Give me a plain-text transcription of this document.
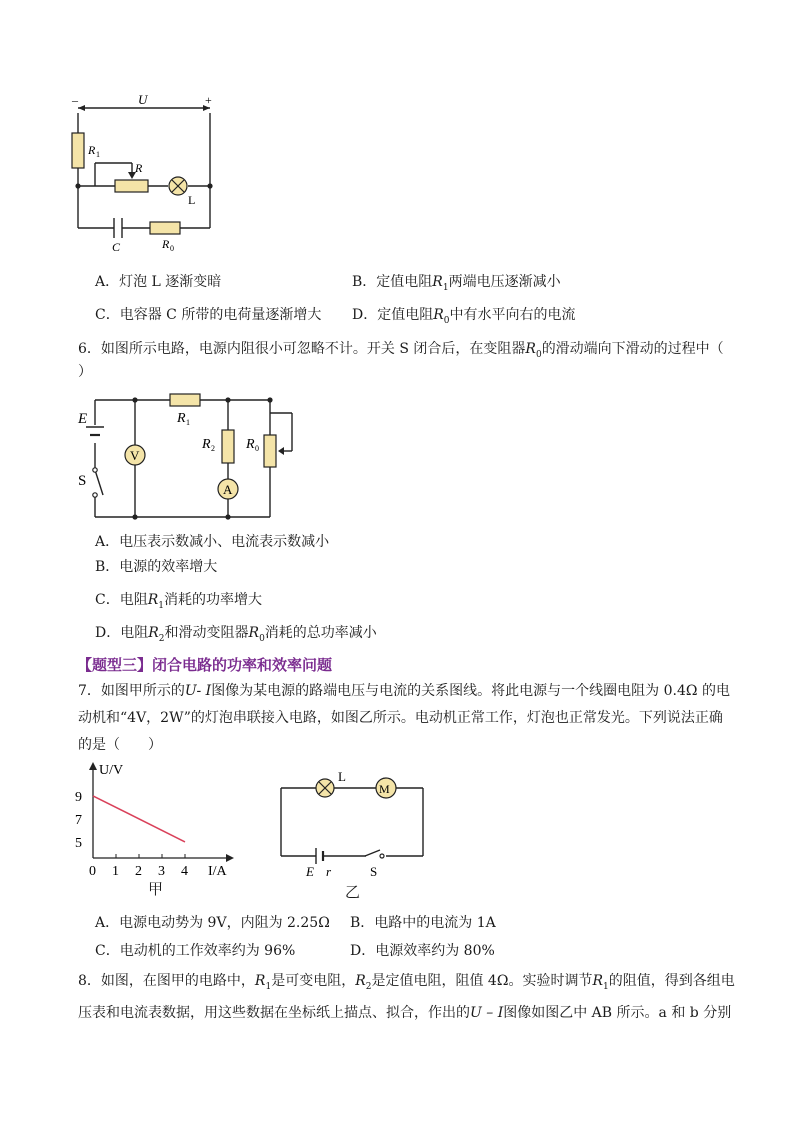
–	+
U
R 1
R
L
C	R 0
A．灯泡 L 逐渐变暗	B．定值电阻$R_1$两端电压逐渐减小
C．电容器 C 所带的电荷量逐渐增大 D．定值电阻$R_0$中有水平向右的电流
6．如图所示电路，电源内阻很小可忽略不计。开关 S 闭合后，在变阻器$R_0$的滑动端向下滑动的过程中（
）
V
A
E
S
R 1
R 2 R 0
A．电压表示数减小、电流表示数减小
B．电源的效率增大
C．电阻$R_1$消耗的功率增大
D．电阻$R_2$和滑动变阻器$R_0$消耗的总功率减小
【题型三】闭合电路的功率和效率问题
7．如图甲所示的U- I图像为某电源的路端电压与电流的关系图线。将此电源与一个线圈电阻为 0.4Ω 的电
动机和“4V，2W”的灯泡串联接入电路，如图乙所示。电动机正常工作，灯泡也正常发光。下列说法正确
的是（　　）
U/V
I/A
0 1 2 3 4
5
7
9
甲
M
L
E r	S
乙
A．电源电动势为 9V，内阻为 2.25Ω B．电路中的电流为 1A
C．电动机的工作效率约为 96%	D．电源效率约为 80%
8．如图，在图甲的电路中，$R_1$是可变电阻，$R_2$是定值电阻，阻值 4Ω。实验时调节$R_1$的阻值，得到各组电
压表和电流表数据，用这些数据在坐标纸上描点、拟合，作出的U – I图像如图乙中 AB 所示。a 和 b 分别
